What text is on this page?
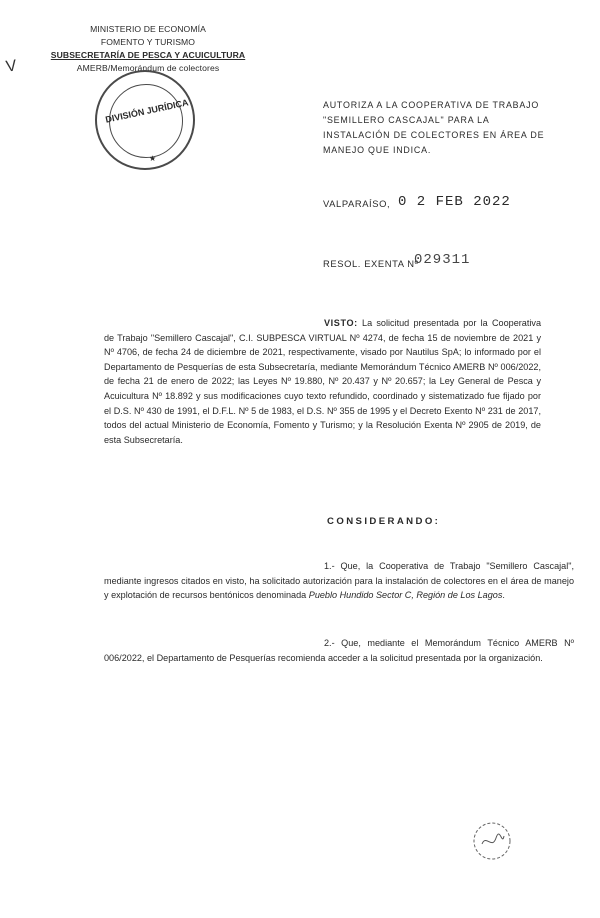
V
MINISTERIO DE ECONOMÍA
FOMENTO Y TURISMO
SUBSECRETARÍA DE PESCA Y ACUICULTURA
AMERB/Memorándum de colectores
DIVISIÓN JURÍDICA
★
AUTORIZA A LA COOPERATIVA DE TRABAJO "SEMILLERO CASCAJAL" PARA LA INSTALACIÓN DE COLECTORES EN ÁREA DE MANEJO QUE INDICA.
VALPARAÍSO, 0 2 FEB 2022
RESOL. EXENTA Nº
029311
VISTO: La solicitud presentada por la Cooperativa de Trabajo "Semillero Cascajal", C.I. SUBPESCA VIRTUAL Nº 4274, de fecha 15 de noviembre de 2021 y Nº 4706, de fecha 24 de diciembre de 2021, respectivamente, visado por Nautilus SpA; lo informado por el Departamento de Pesquerías de esta Subsecretaría, mediante Memorándum Técnico AMERB Nº 006/2022, de fecha 21 de enero de 2022; las Leyes Nº 19.880, Nº 20.437 y Nº 20.657; la Ley General de Pesca y Acuicultura Nº 18.892 y sus modificaciones cuyo texto refundido, coordinado y sistematizado fue fijado por el D.S. Nº 430 de 1991, el D.F.L. Nº 5 de 1983, el D.S. Nº 355 de 1995 y el Decreto Exento Nº 231 de 2017, todos del actual Ministerio de Economía, Fomento y Turismo; y la Resolución Exenta Nº 2905 de 2019, de esta Subsecretaría.
CONSIDERANDO:
1.- Que, la Cooperativa de Trabajo "Semillero Cascajal", mediante ingresos citados en visto, ha solicitado autorización para la instalación de colectores en el área de manejo y explotación de recursos bentónicos denominada Pueblo Hundido Sector C, Región de Los Lagos.
2.- Que, mediante el Memorándum Técnico AMERB Nº 006/2022, el Departamento de Pesquerías recomienda acceder a la solicitud presentada por la organización.
